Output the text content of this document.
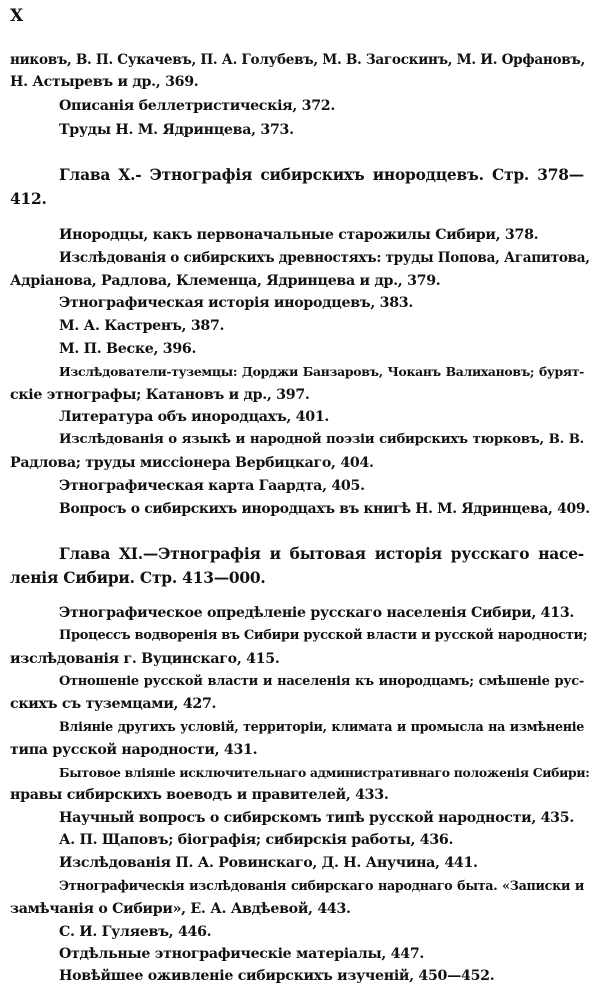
X
никовъ, В. П. Сукачевъ, П. А. Голубевъ, М. В. Загоскинъ, М. И. Орфановъ,
Н. Астыревъ и др., 369.
Описанія беллетристическія, 372.
Труды Н. М. Ядринцева, 373.
Глава X.- Этнографія сибирскихъ инородцевъ. Стр. 378—
412.
Инородцы, какъ первоначальные старожилы Сибири, 378.
Изслѣдованія о сибирскихъ древностяхъ: труды Попова, Агапитова,
Адріанова, Радлова, Клеменца, Ядринцева и др., 379.
Этнографическая исторія инородцевъ, 383.
М. А. Кастренъ, 387.
М. П. Веске, 396.
Изслѣдователи-туземцы: Дорджи Банзаровъ, Чоканъ Валихановъ; бурят-
скіе этнографы; Катановъ и др., 397.
Литература объ инородцахъ, 401.
Изслѣдованія о языкѣ и народной поэзіи сибирскихъ тюрковъ, В. В.
Радлова; труды миссіонера Вербицкаго, 404.
Этнографическая карта Гаардта, 405.
Вопросъ о сибирскихъ инородцахъ въ книгѣ Н. М. Ядринцева, 409.
Глава XI.—Этнографія и бытовая исторія русскаго насе-
ленія Сибири. Стр. 413—000.
Этнографическое опредѣленіе русскаго населенія Сибири, 413.
Процессъ водворенія въ Сибири русской власти и русской народности;
изслѣдованія г. Вуцинскаго, 415.
Отношеніе русской власти и населенія къ инородцамъ; смѣшеніе рус-
скихъ съ туземцами, 427.
Вліяніе другихъ условій, территоріи, климата и промысла на измѣненіе
типа русской народности, 431.
Бытовое вліяніе исключительнаго административнаго положенія Сибири:
нравы сибирскихъ воеводъ и правителей, 433.
Научный вопросъ о сибирскомъ типѣ русской народности, 435.
А. П. Щаповъ; біографія; сибирскія работы, 436.
Изслѣдованія П. А. Ровинскаго, Д. Н. Анучина, 441.
Этнографическія изслѣдованія сибирскаго народнаго быта. «Записки и
замѣчанія о Сибири», Е. А. Авдѣевой, 443.
С. И. Гуляевъ, 446.
Отдѣльные этнографическіе матеріалы, 447.
Новѣйшее оживленіе сибирскихъ изученій, 450—452.
